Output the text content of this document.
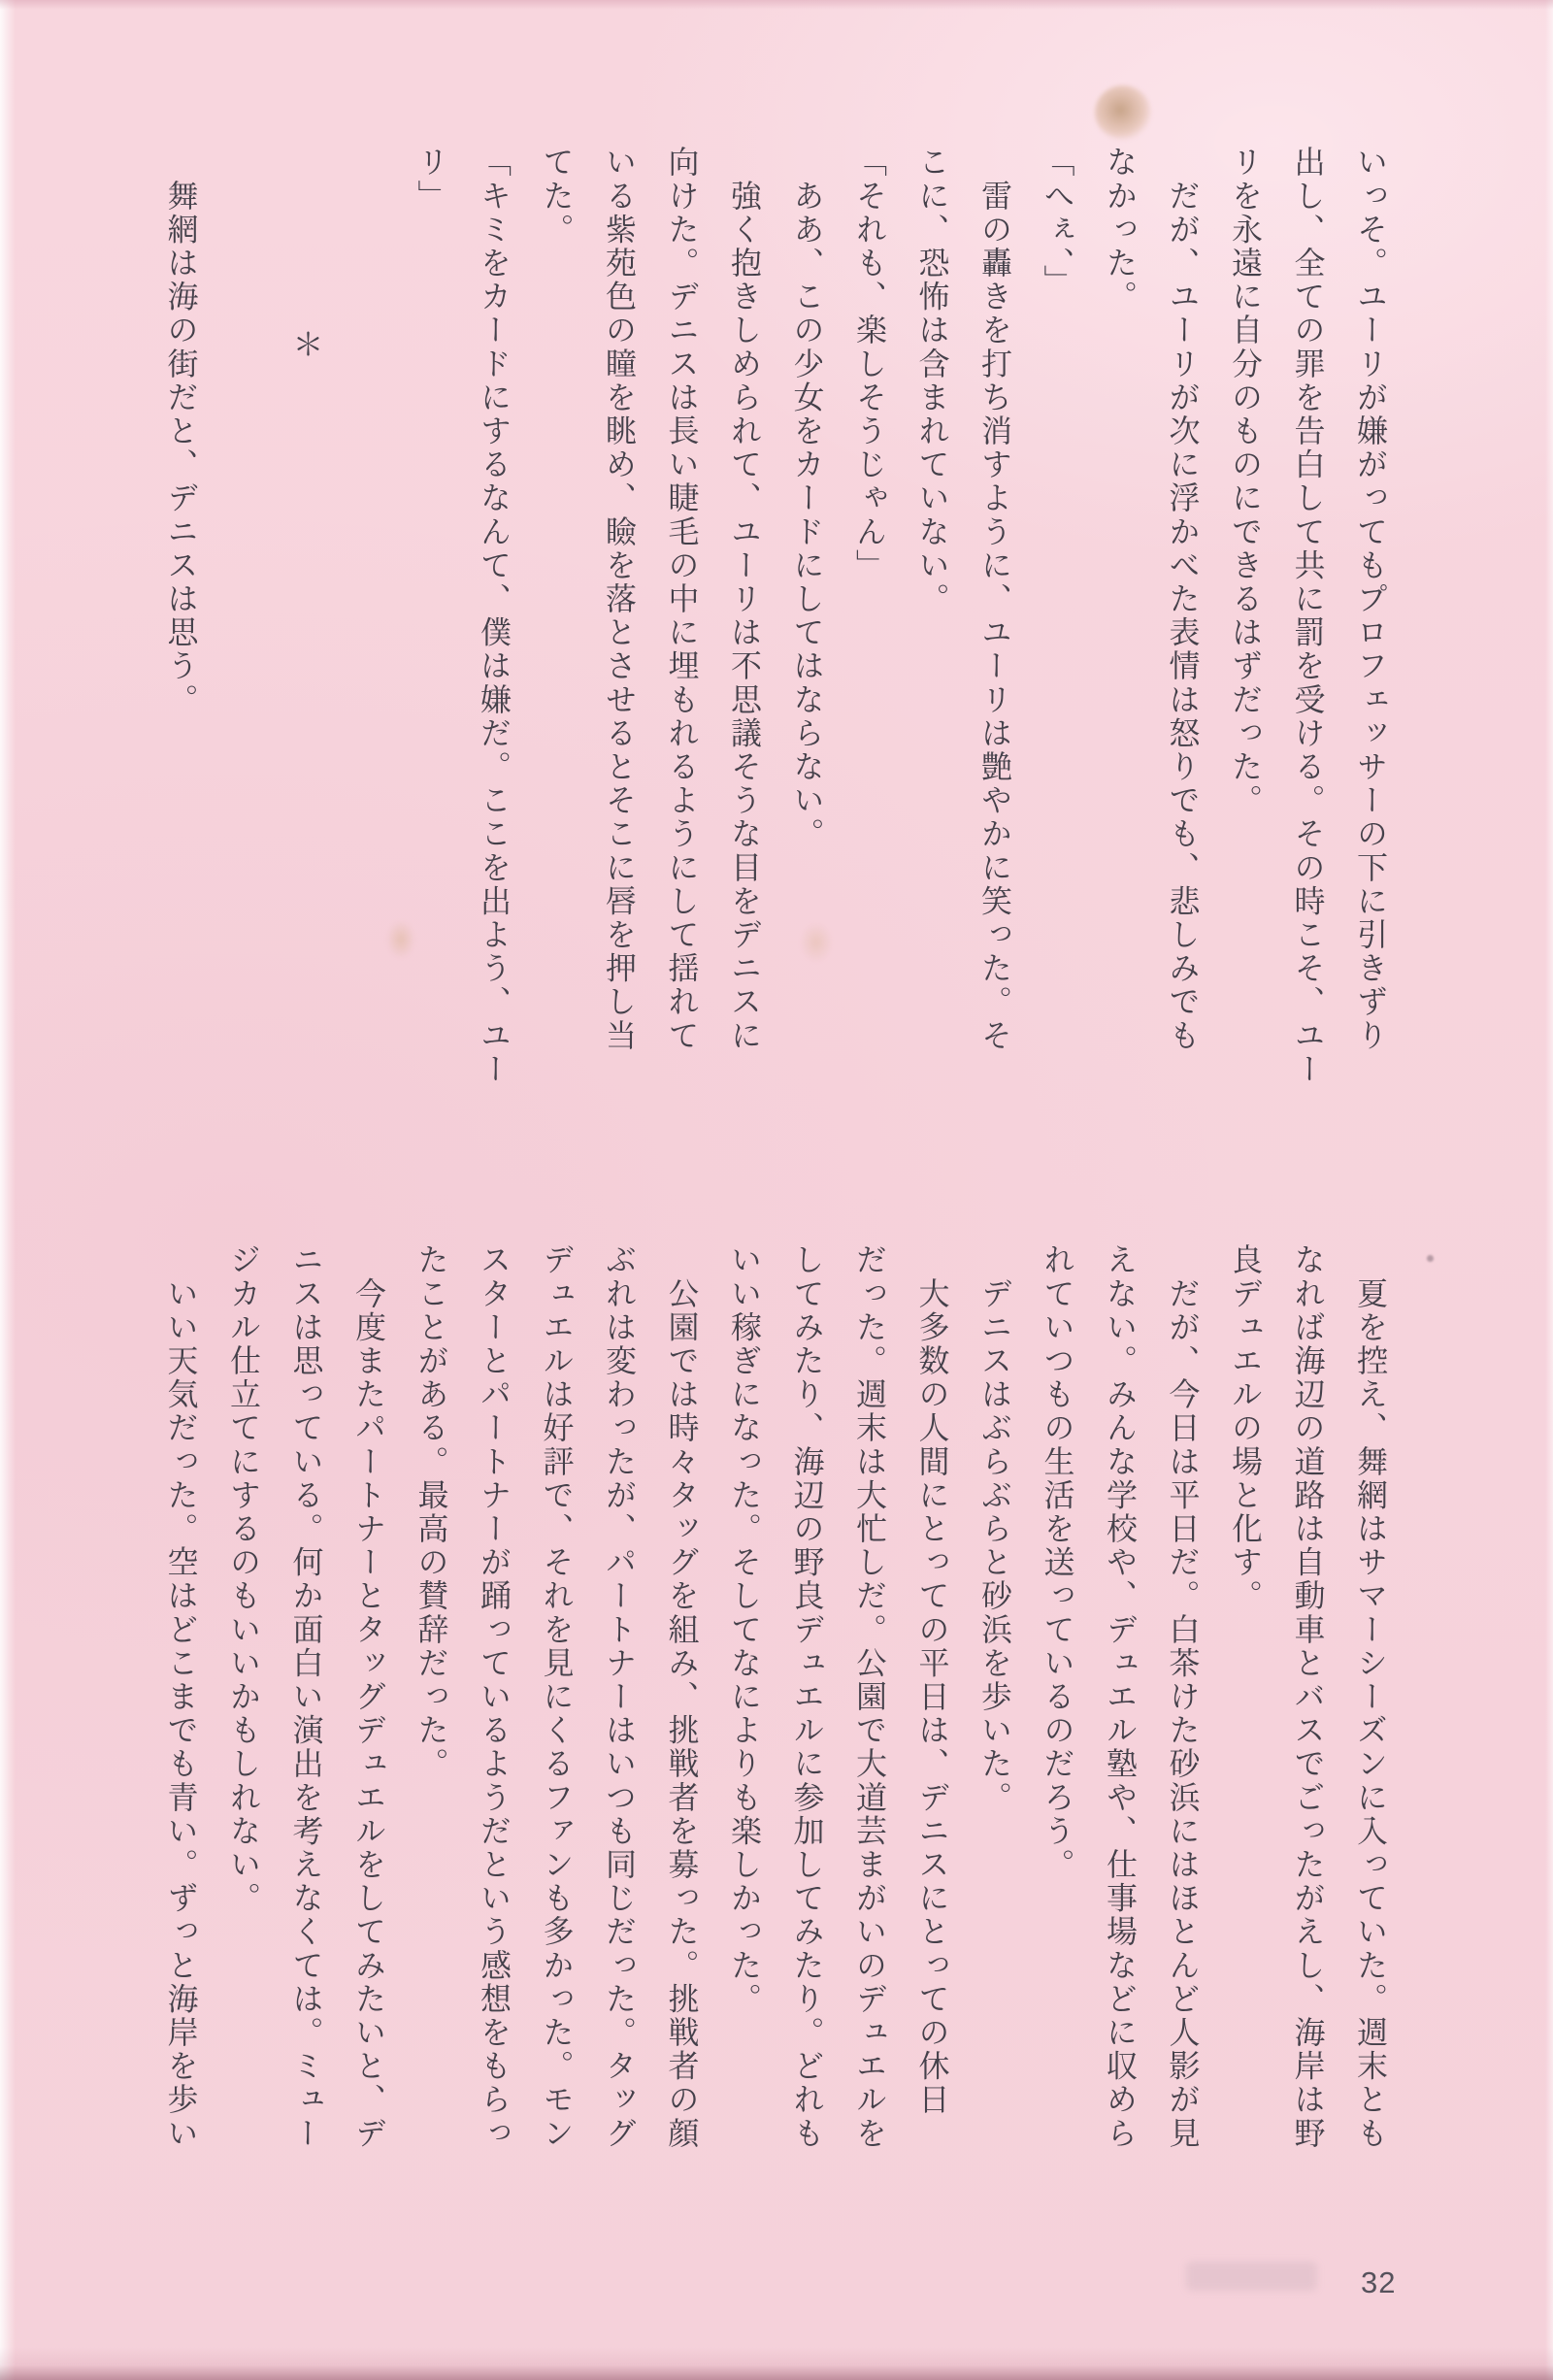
いっそ。ユーリが嫌がってもプロフェッサーの下に引きずり
出し、全ての罪を告白して共に罰を受ける。その時こそ、ユー
リを永遠に自分のものにできるはずだった。
　だが、ユーリが次に浮かべた表情は怒りでも、悲しみでも
なかった。
「へぇ、」
　雷の轟きを打ち消すように、ユーリは艶やかに笑った。そ
こに、恐怖は含まれていない。
「それも、楽しそうじゃん」
　ああ、この少女をカードにしてはならない。
　強く抱きしめられて、ユーリは不思議そうな目をデニスに
向けた。デニスは長い睫毛の中に埋もれるようにして揺れて
いる紫苑色の瞳を眺め、瞼を落とさせるとそこに唇を押し当
てた。
「キミをカードにするなんて、僕は嫌だ。ここを出よう、ユー
リ」

＊

　舞網は海の街だと、デニスは思う。
　夏を控え、舞網はサマーシーズンに入っていた。週末とも
なれば海辺の道路は自動車とバスでごったがえし、海岸は野
良デュエルの場と化す。
　だが、今日は平日だ。白茶けた砂浜にはほとんど人影が見
えない。みんな学校や、デュエル塾や、仕事場などに収めら
れていつもの生活を送っているのだろう。
　デニスはぶらぶらと砂浜を歩いた。
　大多数の人間にとっての平日は、デニスにとっての休日
だった。週末は大忙しだ。公園で大道芸まがいのデュエルを
してみたり、海辺の野良デュエルに参加してみたり。どれも
いい稼ぎになった。そしてなによりも楽しかった。
　公園では時々タッグを組み、挑戦者を募った。挑戦者の顔
ぶれは変わったが、パートナーはいつも同じだった。タッグ
デュエルは好評で、それを見にくるファンも多かった。モン
スターとパートナーが踊っているようだという感想をもらっ
たことがある。最高の賛辞だった。
　今度またパートナーとタッグデュエルをしてみたいと、デ
ニスは思っている。何か面白い演出を考えなくては。ミュー
ジカル仕立てにするのもいいかもしれない。
　いい天気だった。空はどこまでも青い。ずっと海岸を歩い
32
